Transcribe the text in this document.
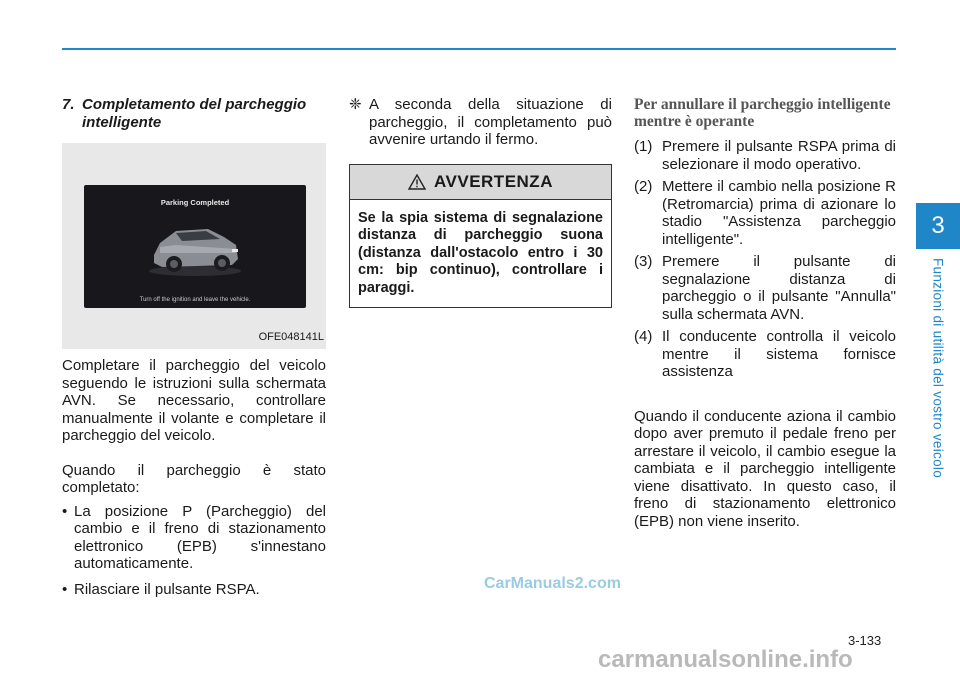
3
Funzioni di utilità del vostro veicolo
7. Completamento del parcheggio intelligente
Parking Completed
Turn off the ignition and leave the vehicle.
OFE048141L

Completare il parcheggio del veicolo seguendo le istruzioni sulla schermata AVN. Se necessario, controllare manualmente il volante e completare il parcheggio del veicolo.

Quando il parcheggio è stato completato:

• La posizione P (Parcheggio) del cambio e il freno di stazionamento elettronico (EPB) s'innestano automaticamente.
• Rilasciare il pulsante RSPA.
❈ A seconda della situazione di parcheggio, il completamento può avvenire urtando il fermo.
AVVERTENZA
Se la spia sistema di segnalazione distanza di parcheggio suona (distanza dall'ostacolo entro i 30 cm: bip continuo), controllare i paraggi.
Per annullare il parcheggio intelligente mentre è operante
(1) Premere il pulsante RSPA prima di selezionare il modo operativo.
(2) Mettere il cambio nella posizione R (Retromarcia) prima di azionare lo stadio "Assistenza parcheggio intelligente".
(3) Premere il pulsante di segnalazione distanza di parcheggio o il pulsante "Annulla" sulla schermata AVN.
(4) Il conducente controlla il veicolo mentre il sistema fornisce assistenza

Quando il conducente aziona il cambio dopo aver premuto il pedale freno per arrestare il veicolo, il cambio esegue la cambiata e il parcheggio intelligente viene disattivato. In questo caso, il freno di stazionamento elettronico (EPB) non viene inserito.

3-133
CarManuals2.com
carmanualsonline.info
